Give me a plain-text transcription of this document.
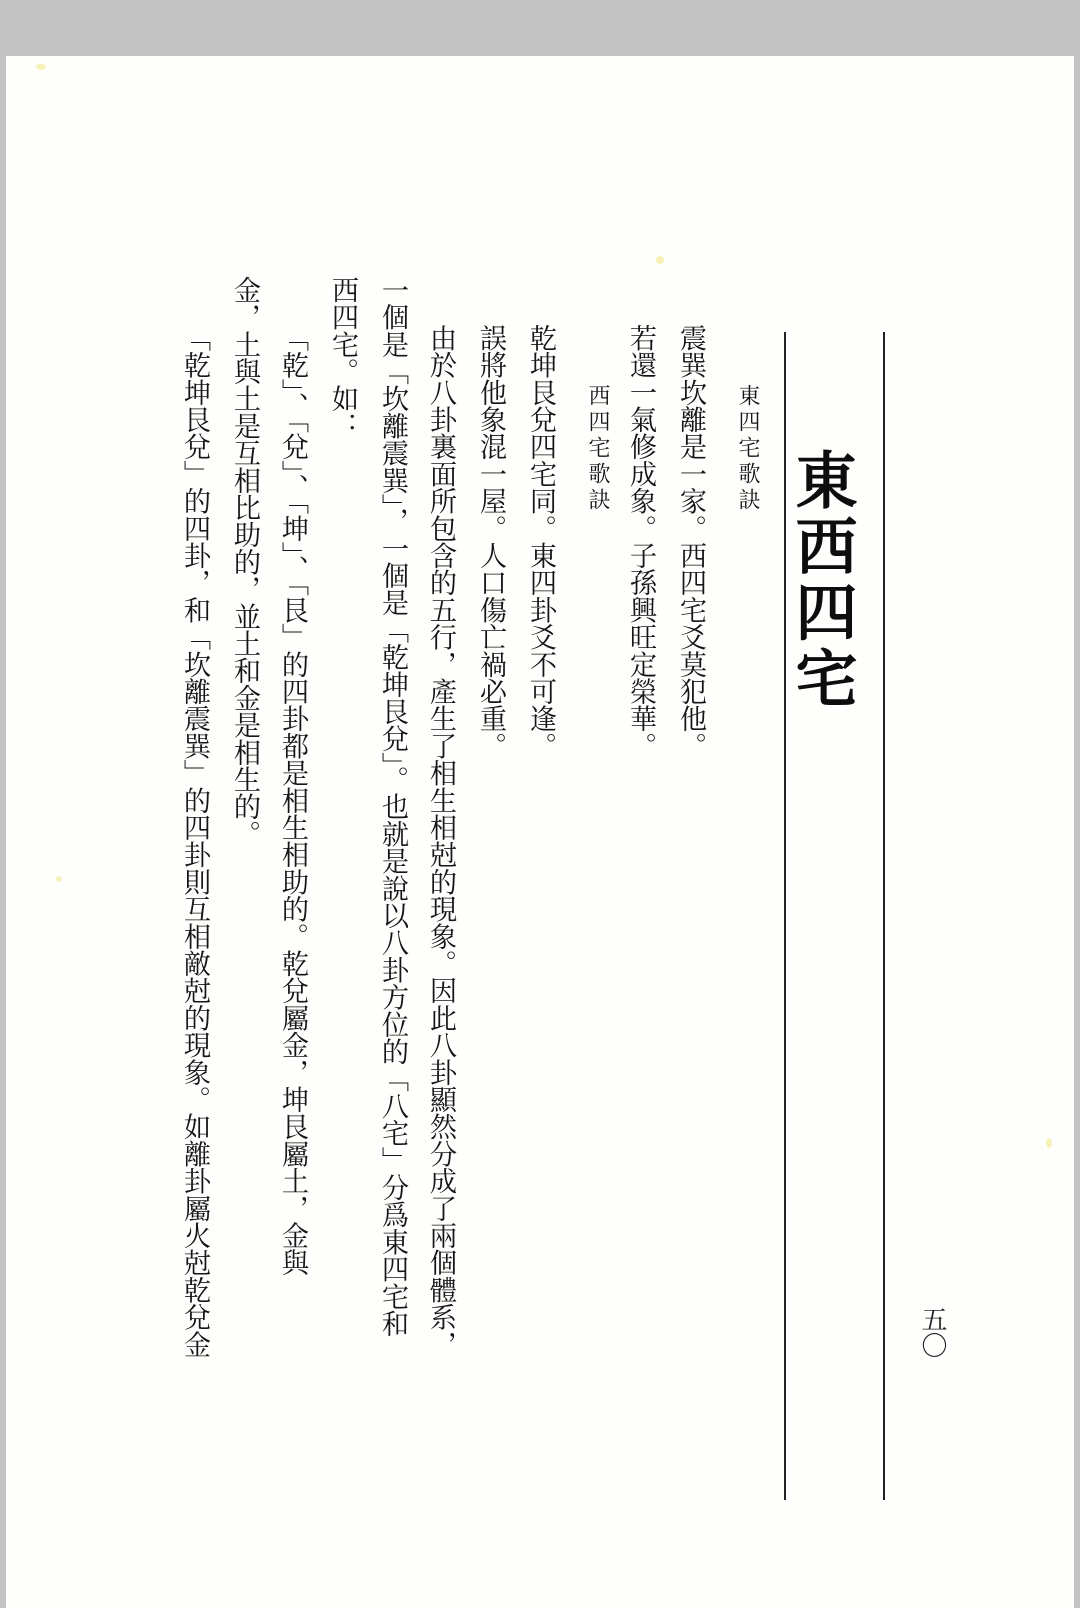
東西四宅
五〇
東四宅歌訣
震巽坎離是一家。西四宅爻莫犯他。
若還一氣修成象。子孫興旺定榮華。
西四宅歌訣
乾坤艮兌四宅同。東四卦爻不可逢。
誤將他象混一屋。人口傷亡禍必重。
由於八卦裏面所包含的五行，產生了相生相尅的現象。因此八卦顯然分成了兩個體系，
一個是「坎離震巽」，一個是「乾坤艮兌」。也就是說以八卦方位的「八宅」分爲東四宅和
西四宅。如：
「乾」、「兌」、「坤」、「艮」的四卦都是相生相助的。乾兌屬金，坤艮屬土，金與
金，土與土是互相比助的，並土和金是相生的。
「乾坤艮兌」的四卦，和「坎離震巽」的四卦則互相敵尅的現象。如離卦屬火尅乾兌金
